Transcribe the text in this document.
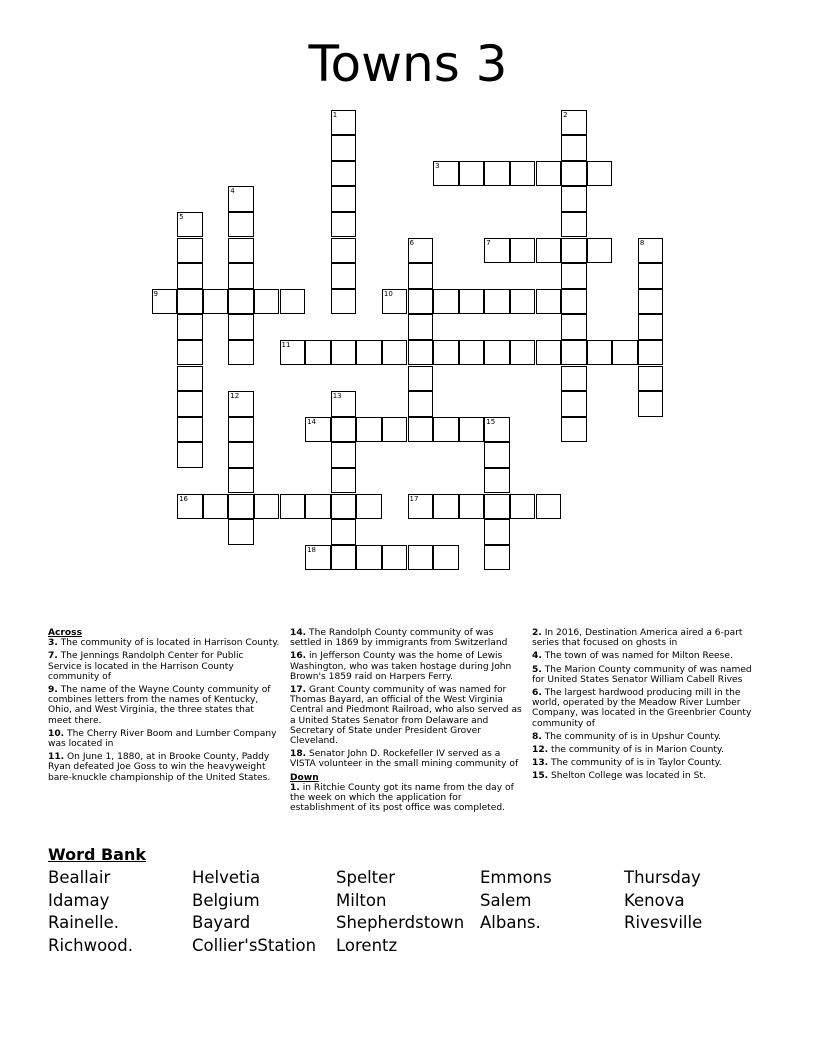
Towns 3
1	2
3
4
5
6	7	8
9	10
11
12	13
14	15
16	17
18
Across
3. The community of is located in Harrison County.
7. The Jennings Randolph Center for Public Service is located in the Harrison County community of
9. The name of the Wayne County community of combines letters from the names of Kentucky, Ohio, and West Virginia, the three states that meet there.
10. The Cherry River Boom and Lumber Company was located in
11. On June 1, 1880, at in Brooke County, Paddy Ryan defeated Joe Goss to win the heavyweight bare-knuckle championship of the United States.
14. The Randolph County community of was settled in 1869 by immigrants from Switzerland
16. in Jefferson County was the home of Lewis Washington, who was taken hostage during John Brown's 1859 raid on Harpers Ferry.
17. Grant County community of was named for Thomas Bayard, an official of the West Virginia Central and Piedmont Railroad, who also served as a United States Senator from Delaware and Secretary of State under President Grover Cleveland.
18. Senator John D. Rockefeller IV served as a VISTA volunteer in the small mining community of
Down
1. in Ritchie County got its name from the day of the week on which the application for establishment of its post office was completed.
2. In 2016, Destination America aired a 6-part series that focused on ghosts in
4. The town of was named for Milton Reese.
5. The Marion County community of was named for United States Senator William Cabell Rives
6. The largest hardwood producing mill in the world, operated by the Meadow River Lumber Company, was located in the Greenbrier County community of
8. The community of is in Upshur County.
12. the community of is in Marion County.
13. The community of is in Taylor County.
15. Shelton College was located in St.
Word Bank
Beallair
Idamay
Rainelle.
Richwood.
Helvetia
Belgium
Bayard
Collier'sStation
Spelter
Milton
Shepherdstown
Lorentz
Emmons
Salem
Albans.
Thursday
Kenova
Rivesville
